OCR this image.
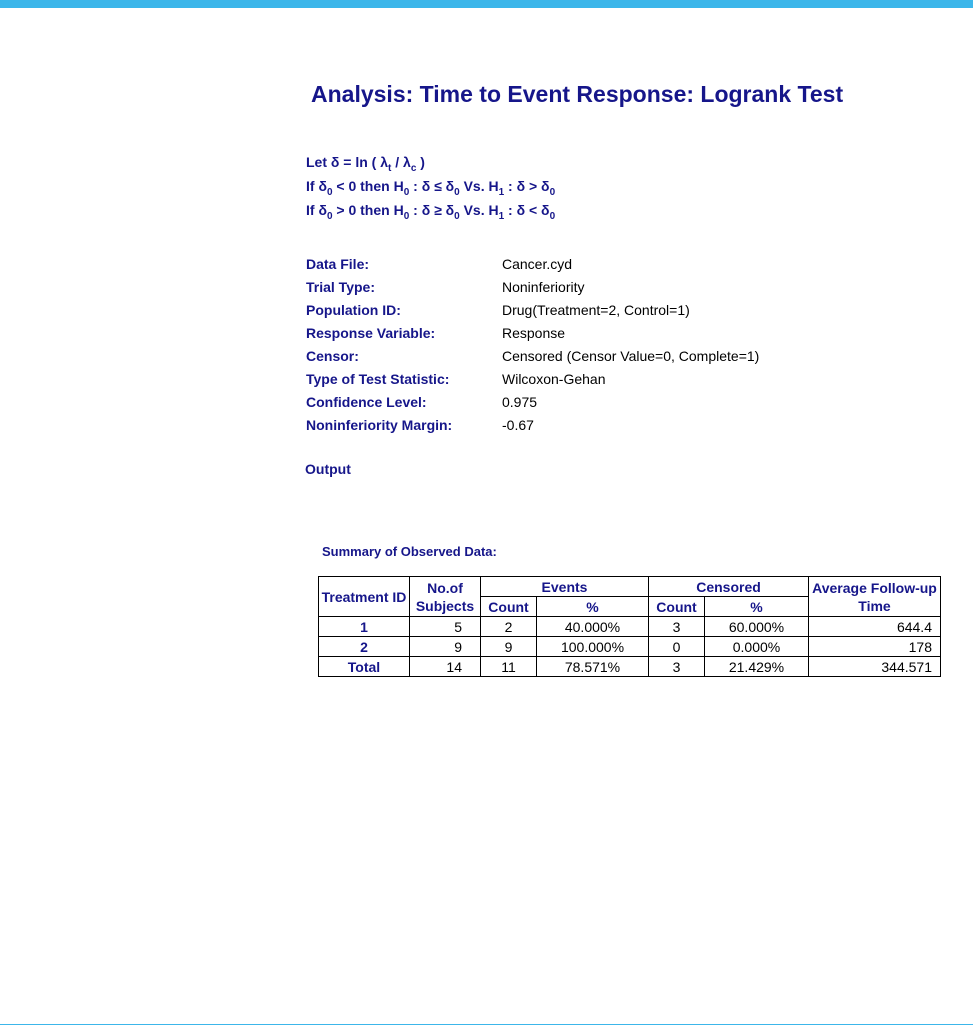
Analysis: Time to Event Response: Logrank Test
Let δ = ln ( $\lambda_t / \lambda_c$ )
If $\delta_0 < 0$ then $H_0$ : $\delta \le \delta_0$ Vs. $H_1$ : $\delta > \delta_0$
If $\delta_0 > 0$ then $H_0$ : $\delta \ge \delta_0$ Vs. $H_1$ : $\delta < \delta_0$
Data File:	Cancer.cyd
Trial Type:	Noninferiority
Population ID:	Drug(Treatment=2, Control=1)
Response Variable:	Response
Censor:	Censored (Censor Value=0, Complete=1)
Type of Test Statistic:	Wilcoxon-Gehan
Confidence Level:	0.975
Noninferiority Margin:	-0.67
Output
Summary of Observed Data:
Treatment ID	No.of Subjects	Events		Censored		Average Follow-up Time
		Count	%	Count	%	
1	5	2	40.000%	3	60.000%	644.4
2	9	9	100.000%	0	0.000%	178
Total	14	11	78.571%	3	21.429%	344.571
